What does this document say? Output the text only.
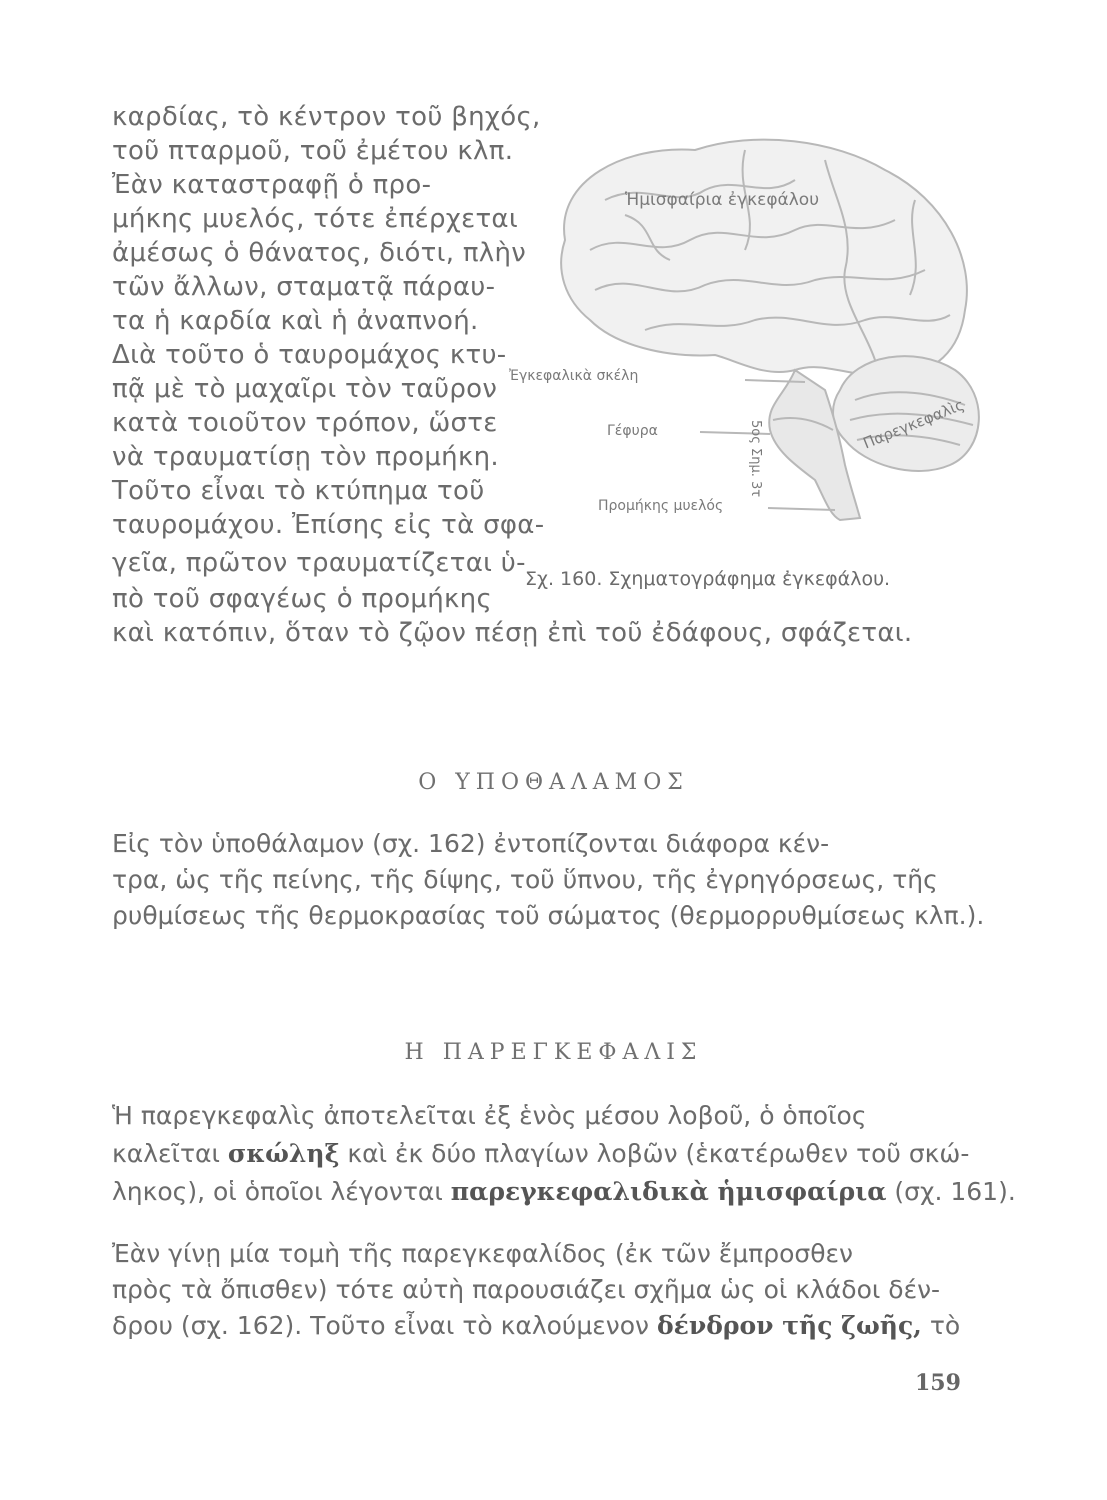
καρδίας, τὸ κέντρον τοῦ βηχός,
τοῦ πταρμοῦ, τοῦ ἐμέτου κλπ.
Ἐὰν καταστραφῇ ὁ προ-
μήκης μυελός, τότε ἐπέρχεται
ἀμέσως ὁ θάνατος, διότι, πλὴν
τῶν ἄλλων, σταματᾷ πάραυ-
τα ἡ καρδία καὶ ἡ ἀναπνοή.
Διὰ τοῦτο ὁ ταυρομάχος κτυ-
πᾷ μὲ τὸ μαχαῖρι τὸν ταῦρον
κατὰ τοιοῦτον τρόπον, ὥστε
νὰ τραυματίσῃ τὸν προμήκη.
Τοῦτο εἶναι τὸ κτύπημα τοῦ
ταυρομάχου. Ἐπίσης εἰς τὰ σφα-
γεῖα, πρῶτον τραυματίζεται ὑ-
πὸ τοῦ σφαγέως ὁ προμήκης
καὶ κατόπιν, ὅταν τὸ ζῷον πέσῃ ἐπὶ τοῦ ἐδάφους, σφάζεται.
Ἡμισφαίρια ἐγκεφάλου
Ἐγκεφαλικὰ σκέλη
Γέφυρα
Προμήκης μυελός
Παρεγκεφαλὶς
5ος Σημ. 3τ
Σχ. 160. Σχηματογράφημα ἐγκεφάλου.
Ο ΥΠΟΘΑΛΑΜΟΣ
Εἰς τὸν ὑποθάλαμον (σχ. 162) ἐντοπίζονται διάφορα κέν-
τρα, ὡς τῆς πείνης, τῆς δίψης, τοῦ ὕπνου, τῆς ἐγρηγόρσεως, τῆς
ρυθμίσεως τῆς θερμοκρασίας τοῦ σώματος (θερμορρυθμίσεως κλπ.).
Η ΠΑΡΕΓΚΕΦΑΛΙΣ
Ἡ παρεγκεφαλὶς ἀποτελεῖται ἐξ ἑνὸς μέσου λοβοῦ, ὁ ὁποῖος
καλεῖται σκώληξ καὶ ἐκ δύο πλαγίων λοβῶν (ἑκατέρωθεν τοῦ σκώ-
ληκος), οἱ ὁποῖοι λέγονται παρεγκεφαλιδικὰ ἡμισφαίρια (σχ. 161).
Ἐὰν γίνῃ μία τομὴ τῆς παρεγκεφαλίδος (ἐκ τῶν ἔμπροσθεν
πρὸς τὰ ὄπισθεν) τότε αὐτὴ παρουσιάζει σχῆμα ὡς οἱ κλάδοι δέν-
δρου (σχ. 162). Τοῦτο εἶναι τὸ καλούμενον δένδρον τῆς ζωῆς, τὸ
159
